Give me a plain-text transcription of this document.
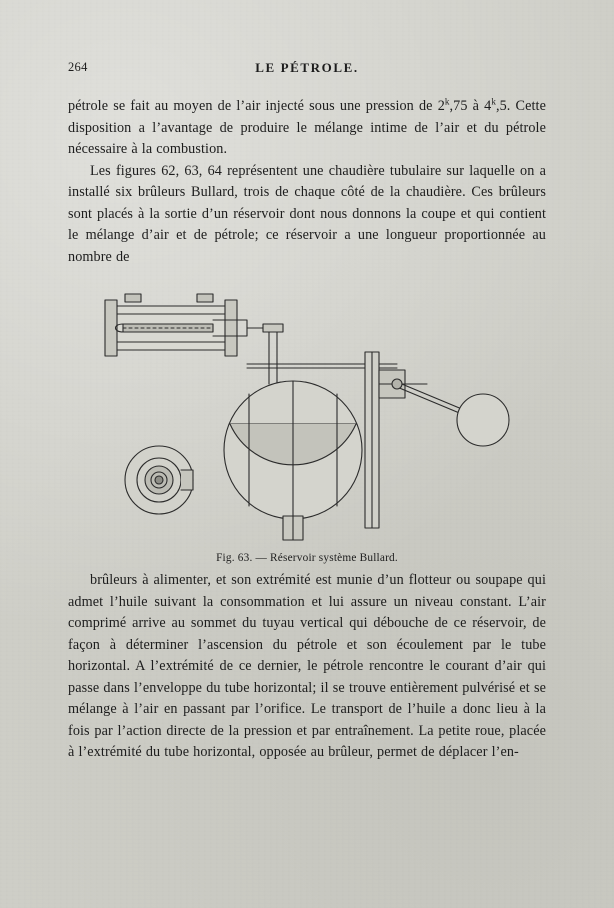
264	LE PÉTROLE.

pétrole se fait au moyen de l’air injecté sous une pression de 2$^k$,75 à 4$^k$,5. Cette disposition a l’avantage de produire le mélange intime de l’air et du pétrole nécessaire à la combustion.

Les figures 62, 63, 64 représentent une chaudière tubulaire sur laquelle on a installé six brûleurs Bullard, trois de chaque côté de la chaudière. Ces brûleurs sont placés à la sortie d’un réservoir dont nous donnons la coupe et qui contient le mélange d’air et de pétrole; ce réservoir a une longueur proportionnée au nombre de

Fig. 63. — Réservoir système Bullard.

brûleurs à alimenter, et son extrémité est munie d’un flotteur ou soupape qui admet l’huile suivant la consommation et lui assure un niveau constant. L’air comprimé arrive au sommet du tuyau vertical qui débouche de ce réservoir, de façon à déterminer l’ascension du pétrole et son écoulement par le tube horizontal. A l’extrémité de ce dernier, le pétrole rencontre le courant d’air qui passe dans l’enveloppe du tube horizontal; il se trouve entièrement pulvérisé et se mélange à l’air en passant par l’orifice. Le transport de l’huile a donc lieu à la fois par l’action directe de la pression et par entraînement. La petite roue, placée à l’extrémité du tube horizontal, opposée au brûleur, permet de déplacer l’en-
